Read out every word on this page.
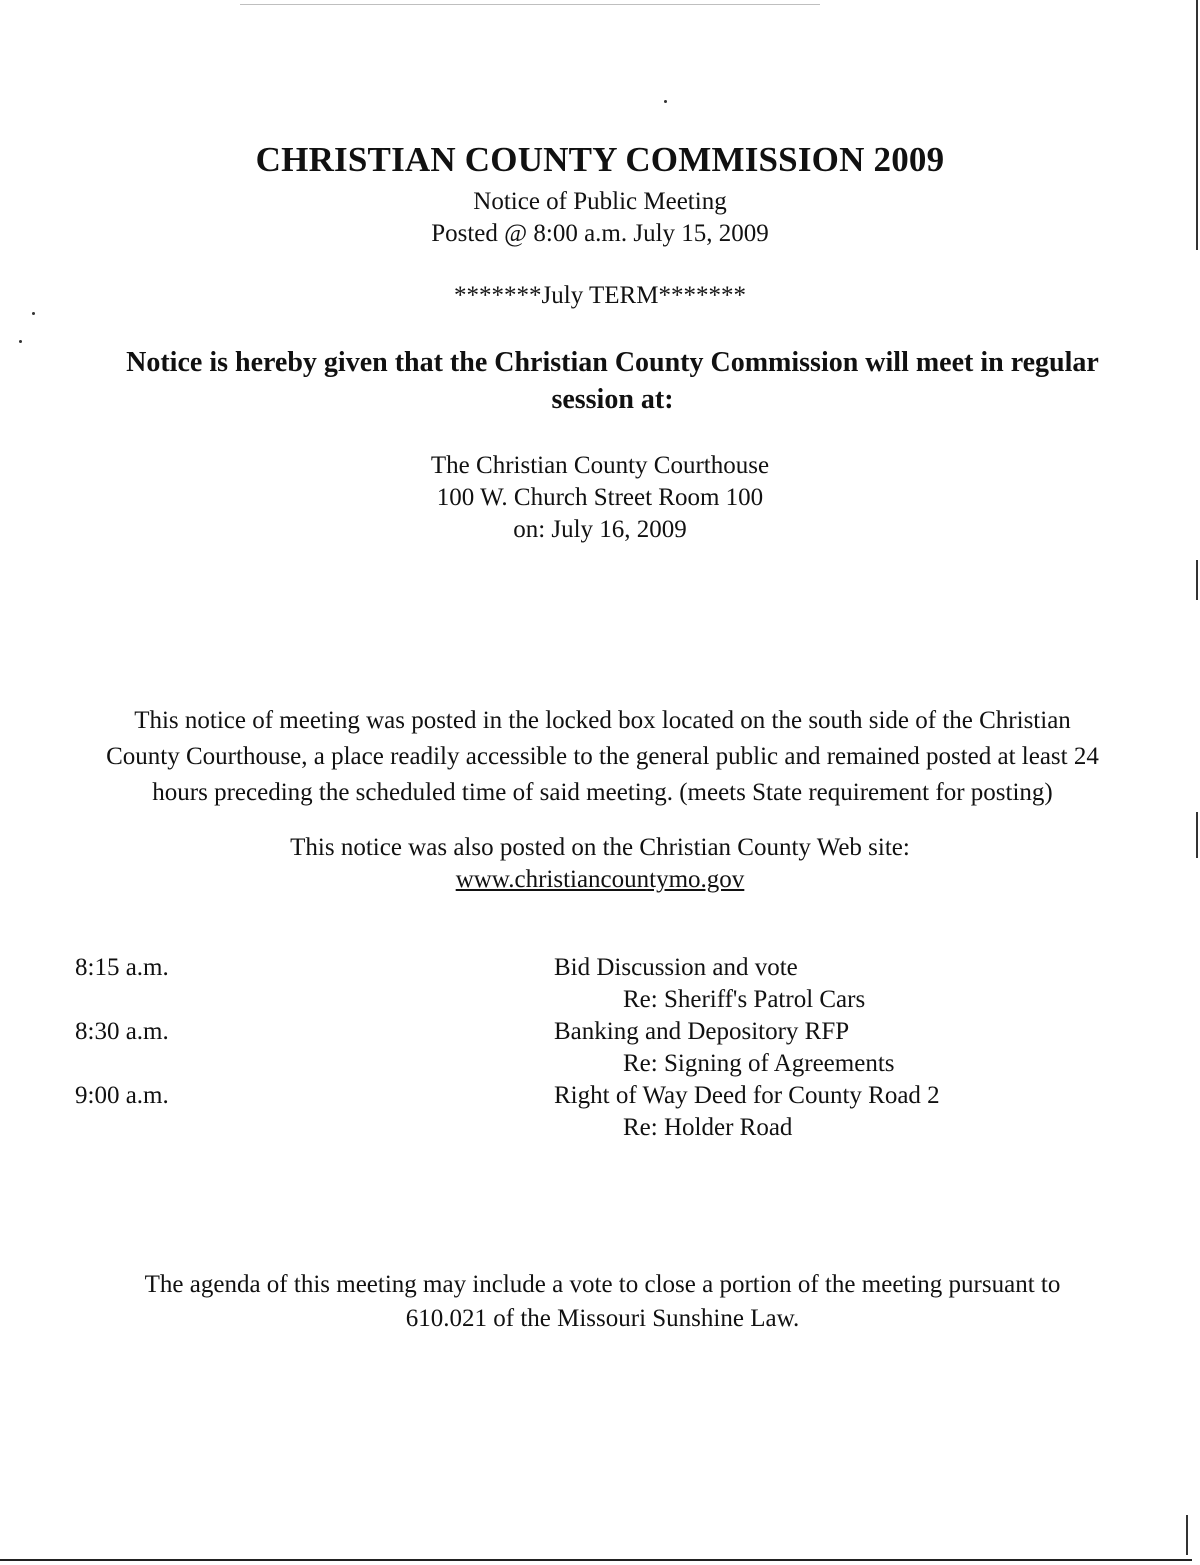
CHRISTIAN COUNTY COMMISSION 2009
Notice of Public Meeting
Posted @ 8:00 a.m. July 15, 2009
*******July TERM*******
Notice is hereby given that the Christian County Commission will meet in regular
session at:
The Christian County Courthouse
100 W. Church Street Room 100
on: July 16, 2009
This notice of meeting was posted in the locked box located on the south side of the Christian
County Courthouse, a place readily accessible to the general public and remained posted at least 24
hours preceding the scheduled time of said meeting. (meets State requirement for posting)
This notice was also posted on the Christian County Web site:
www.christiancountymo.gov
8:15 a.m.	Bid Discussion and vote
Re: Sheriff's Patrol Cars
8:30 a.m.	Banking and Depository RFP
Re: Signing of Agreements
9:00 a.m.	Right of Way Deed for County Road 2
Re: Holder Road
The agenda of this meeting may include a vote to close a portion of the meeting pursuant to
610.021 of the Missouri Sunshine Law.
